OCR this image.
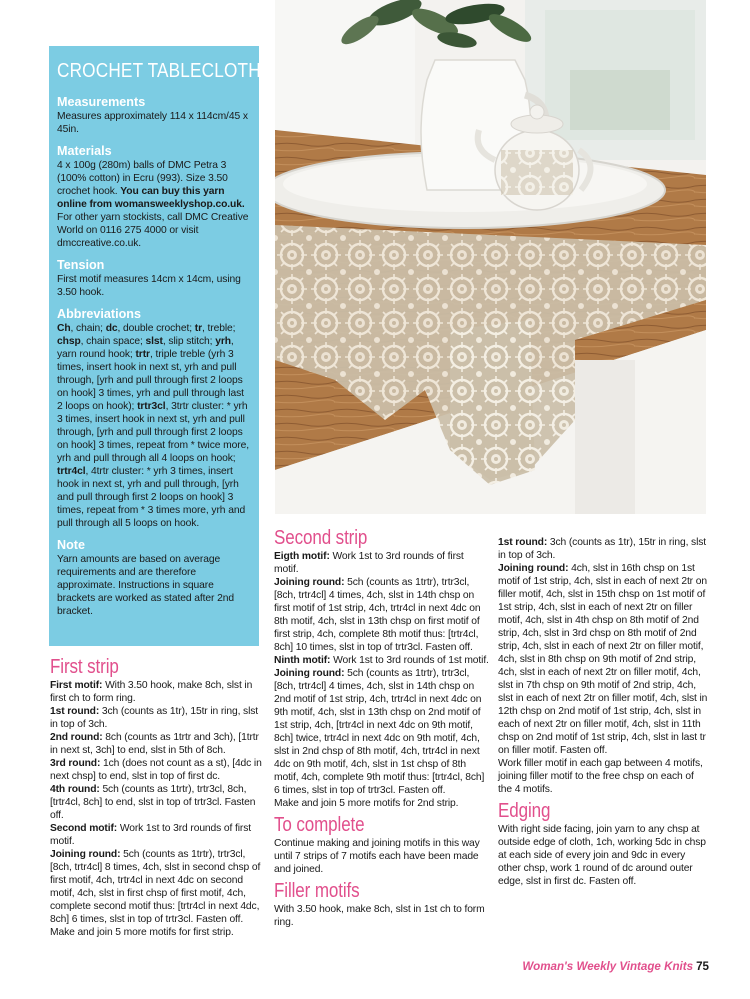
CROCHET TABLECLOTH
Measurements
Measures approximately 114 x 114cm/45 x 45in.
Materials
4 x 100g (280m) balls of DMC Petra 3 (100% cotton) in Ecru (993). Size 3.50 crochet hook. You can buy this yarn online from womansweeklyshop.co.uk. For other yarn stockists, call DMC Creative World on 0116 275 4000 or visit dmccreative.co.uk.
Tension
First motif measures 14cm x 14cm, using 3.50 hook.
Abbreviations
Ch, chain; dc, double crochet; tr, treble; chsp, chain space; slst, slip stitch; yrh, yarn round hook; trtr, triple treble (yrh 3 times, insert hook in next st, yrh and pull through, [yrh and pull through first 2 loops on hook] 3 times, yrh and pull through last 2 loops on hook); trtr3cl, 3trtr cluster: * yrh 3 times, insert hook in next st, yrh and pull through, [yrh and pull through first 2 loops on hook] 3 times, repeat from * twice more, yrh and pull through all 4 loops on hook; trtr4cl, 4trtr cluster: * yrh 3 times, insert hook in next st, yrh and pull through, [yrh and pull through first 2 loops on hook] 3 times, repeat from * 3 times more, yrh and pull through all 5 loops on hook.
Note
Yarn amounts are based on average requirements and are therefore approximate. Instructions in square brackets are worked as stated after 2nd bracket.
First strip

First motif: With 3.50 hook, make 8ch, slst in first ch to form ring.

1st round: 3ch (counts as 1tr), 15tr in ring, slst in top of 3ch.

2nd round: 8ch (counts as 1trtr and 3ch), [1trtr in next st, 3ch] to end, slst in 5th of 8ch.

3rd round: 1ch (does not count as a st), [4dc in next chsp] to end, slst in top of first dc.

4th round: 5ch (counts as 1trtr), trtr3cl, 8ch, [trtr4cl, 8ch] to end, slst in top of trtr3cl. Fasten off.

Second motif: Work 1st to 3rd rounds of first motif.

Joining round: 5ch (counts as 1trtr), trtr3cl, [8ch, trtr4cl] 8 times, 4ch, slst in second chsp of first motif, 4ch, trtr4cl in next 4dc on second motif, 4ch, slst in first chsp of first motif, 4ch, complete second motif thus: [trtr4cl in next 4dc, 8ch] 6 times, slst in top of trtr3cl. Fasten off.

Make and join 5 more motifs for first strip.

Second strip

Eigth motif: Work 1st to 3rd rounds of first motif.

Joining round: 5ch (counts as 1trtr), trtr3cl, [8ch, trtr4cl] 4 times, 4ch, slst in 14th chsp on first motif of 1st strip, 4ch, trtr4cl in next 4dc on 8th motif, 4ch, slst in 13th chsp on first motif of first strip, 4ch, complete 8th motif thus: [trtr4cl, 8ch] 10 times, slst in top of trtr3cl. Fasten off.

Ninth motif: Work 1st to 3rd rounds of 1st motif.

Joining round: 5ch (counts as 1trtr), trtr3cl, [8ch, trtr4cl] 4 times, 4ch, slst in 14th chsp on 2nd motif of 1st strip, 4ch, trtr4cl in next 4dc on 9th motif, 4ch, slst in 13th chsp on 2nd motif of 1st strip, 4ch, [trtr4cl in next 4dc on 9th motif, 8ch] twice, trtr4cl in next 4dc on 9th motif, 4ch, slst in 2nd chsp of 8th motif, 4ch, trtr4cl in next 4dc on 9th motif, 4ch, slst in 1st chsp of 8th motif, 4ch, complete 9th motif thus: [trtr4cl, 8ch] 6 times, slst in top of trtr3cl. Fasten off.

Make and join 5 more motifs for 2nd strip.

To complete

Continue making and joining motifs in this way until 7 strips of 7 motifs each have been made and joined.

Filler motifs

With 3.50 hook, make 8ch, slst in 1st ch to form ring.

1st round: 3ch (counts as 1tr), 15tr in ring, slst in top of 3ch.

Joining round: 4ch, slst in 16th chsp on 1st motif of 1st strip, 4ch, slst in each of next 2tr on filler motif, 4ch, slst in 15th chsp on 1st motif of 1st strip, 4ch, slst in each of next 2tr on filler motif, 4ch, slst in 4th chsp on 8th motif of 2nd strip, 4ch, slst in 3rd chsp on 8th motif of 2nd strip, 4ch, slst in each of next 2tr on filler motif, 4ch, slst in 8th chsp on 9th motif of 2nd strip, 4ch, slst in each of next 2tr on filler motif, 4ch, slst in 7th chsp on 9th motif of 2nd strip, 4ch, slst in each of next 2tr on filler motif, 4ch, slst in 12th chsp on 2nd motif of 1st strip, 4ch, slst in each of next 2tr on filler motif, 4ch, slst in 11th chsp on 2nd motif of 1st strip, 4ch, slst in last tr on filler motif. Fasten off.

Work filler motif in each gap between 4 motifs, joining filler motif to the free chsp on each of the 4 motifs.

Edging

With right side facing, join yarn to any chsp at outside edge of cloth, 1ch, working 5dc in chsp at each side of every join and 9dc in every other chsp, work 1 round of dc around outer edge, slst in first dc. Fasten off.

Woman's Weekly Vintage Knits 75
